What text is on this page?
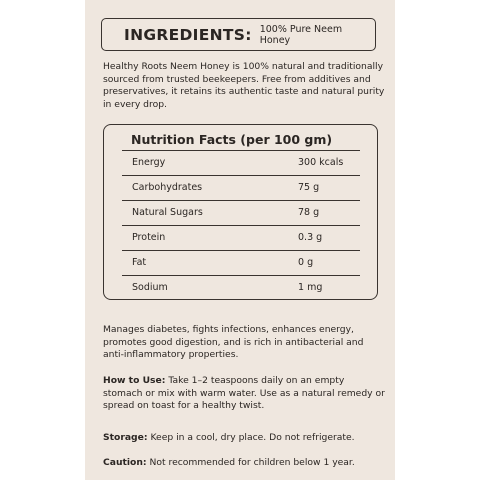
INGREDIENTS: 100% Pure Neem Honey

Healthy Roots Neem Honey is 100% natural and traditionally sourced from trusted beekeepers. Free from additives and preservatives, it retains its authentic taste and natural purity in every drop.

Nutrition Facts (per 100 gm)
Energy	300 kcals
Carbohydrates	75 g
Natural Sugars	78 g
Protein	0.3 g
Fat	0 g
Sodium	1 mg

Manages diabetes, fights infections, enhances energy, promotes good digestion, and is rich in antibacterial and anti-inflammatory properties.

How to Use: Take 1–2 teaspoons daily on an empty stomach or mix with warm water. Use as a natural remedy or spread on toast for a healthy twist.

Storage: Keep in a cool, dry place. Do not refrigerate.

Caution: Not recommended for children below 1 year.
